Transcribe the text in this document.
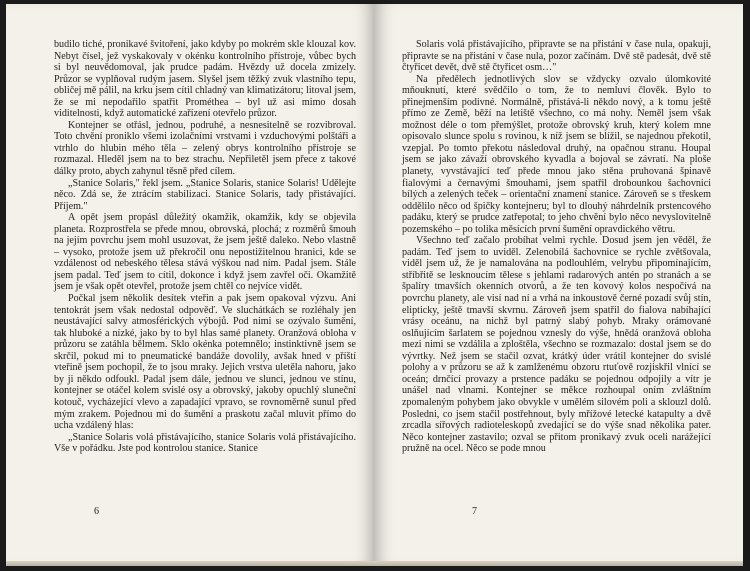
budilo tiché, pronikavé švitoření, jako kdyby po mokrém skle klouzal kov. Nebyt čísel, jež vyskakovaly v okénku kontrolního přístroje, vůbec bych si byl neuvědomoval, jak prudce padám. Hvězdy už docela zmizely. Průzor se vyplňoval rudým jasem. Slyšel jsem těžký zvuk vlastního tepu, obličej mě pálil, na krku jsem cítil chladný van klimatizátoru; litoval jsem, že se mi nepodařilo spatřit Prométhea – byl už asi mimo dosah viditelnosti, když automatické zařízení otevřelo průzor.

Kontejner se otřásl, jednou, podruhé, a nesnesitelně se rozvibroval. Toto chvění proniklo všemi izolačními vrstvami i vzduchovými polštáři a vtrhlo do hlubin mého těla – zelený obrys kontrolního přístroje se rozmazal. Hleděl jsem na to bez strachu. Nepřiletěl jsem přece z takové dálky proto, abych zahynul těsně před cílem.

„Stanice Solaris," řekl jsem. „Stanice Solaris, stanice Solaris! Udělejte něco. Zdá se, že ztrácím stabilizaci. Stanice Solaris, tady přistávající. Příjem."

A opět jsem propásl důležitý okamžik, okamžik, kdy se objevila planeta. Rozprostřela se přede mnou, obrovská, plochá; z rozměrů šmouh na jejím povrchu jsem mohl usuzovat, že jsem ještě daleko. Nebo vlastně – vysoko, protože jsem už překročil onu nepostižitelnou hranici, kde se vzdálenost od nebeského tělesa stává výškou nad ním. Padal jsem. Stále jsem padal. Teď jsem to cítil, dokonce i když jsem zavřel oči. Okamžitě jsem je však opět otevřel, protože jsem chtěl co nejvíce vidět.

Počkal jsem několik desítek vteřin a pak jsem opakoval výzvu. Ani tentokrát jsem však nedostal odpověď. Ve sluchátkách se rozléhaly jen neustávající salvy atmosférických výbojů. Pod nimi se ozývalo šumění, tak hluboké a nízké, jako by to byl hlas samé planety. Oranžová obloha v průzoru se zatáhla bělmem. Sklo okénka potemnělo; instinktivně jsem se skrčil, pokud mi to pneumatické bandáže dovolily, avšak hned v příští vteřině jsem pochopil, že to jsou mraky. Jejich vrstva uletěla nahoru, jako by ji někdo odfoukl. Padal jsem dále, jednou ve slunci, jednou ve stínu, kontejner se otáčel kolem svislé osy a obrovský, jakoby opuchlý sluneční kotouč, vycházející vlevo a zapadající vpravo, se rovnoměrně sunul před mým zrakem. Pojednou mi do šumění a praskotu začal mluvit přímo do ucha vzdálený hlas:

„Stanice Solaris volá přistávajícího, stanice Solaris volá přistávajícího. Vše v pořádku. Jste pod kontrolou stanice. Stanice

6

Solaris volá přistávajícího, připravte se na přistání v čase nula, opakuji, připravte se na přistání v čase nula, pozor začínám. Dvě stě padesát, dvě stě čtyřicet devět, dvě stě čtyřicet osm…"

Na předělech jednotlivých slov se vždycky ozvalo úlomkovité mňouknutí, které svědčilo o tom, že to nemluví člověk. Bylo to přinejmenším podivné. Normálně, přistává-li někdo nový, a k tomu ještě přímo ze Země, běží na letiště všechno, co má nohy. Neměl jsem však možnost déle o tom přemýšlet, protože obrovský kruh, který kolem mne opisovalo slunce spolu s rovinou, k níž jsem se blížil, se najednou překotil, vzepjal. Po tomto překotu následoval druhý, na opačnou stranu. Houpal jsem se jako závaží obrovského kyvadla a bojoval se závratí. Na ploše planety, vyvstávající teď přede mnou jako stěna pruhovaná špinavě fialovými a černavými šmouhami, jsem spatřil drobounkou šachovnici bílých a zelených teček – orientační znamení stanice. Zároveň se s třeskem oddělilo něco od špičky kontejneru; byl to dlouhý náhrdelník prstencového padáku, který se prudce zatřepotal; to jeho chvění bylo něco nevyslovitelně pozemského – po tolika měsících první šumění opravdického větru.

Všechno teď začalo probíhat velmi rychle. Dosud jsem jen věděl, že padám. Teď jsem to uviděl. Zelenobílá šachovnice se rychle zvětšovala, viděl jsem už, že je namalována na podlouhlém, velrybu připomínajícím, stříbřitě se lesknoucím tělese s jehlami radarových antén po stranách a se špalíry tmavších okenních otvorů, a že ten kovový kolos nespočívá na povrchu planety, ale visí nad ní a vrhá na inkoustově černé pozadí svůj stín, elipticky, ještě tmavší skvrnu. Zároveň jsem spatřil do fialova nabíhající vrásy oceánu, na nichž byl patrný slabý pohyb. Mraky orámované oslňujícím šarlatem se pojednou vznesly do výše, hnědá oranžová obloha mezi nimi se vzdálila a zploštěla, všechno se rozmazalo: dostal jsem se do vývrtky. Než jsem se stačil ozvat, krátký úder vrátil kontejner do svislé polohy a v průzoru se až k zamlženému obzoru rtuťově rozjiskřil vlnící se oceán; drnčící provazy a prstence padáku se pojednou odpojily a vítr je unášel nad vlnami. Kontejner se měkce rozhoupal oním zvláštním zpomaleným pohybem jako obvykle v umělém silovém poli a sklouzl dolů. Posledni, co jsem stačil postřehnout, byly mřížové letecké katapulty a dvě zrcadla sířových radioteleskopů zvedající se do výše snad několika pater. Něco kontejner zastavilo; ozval se přitom pronikavý zvuk oceli narážející pružně na ocel. Něco se pode mnou

7
